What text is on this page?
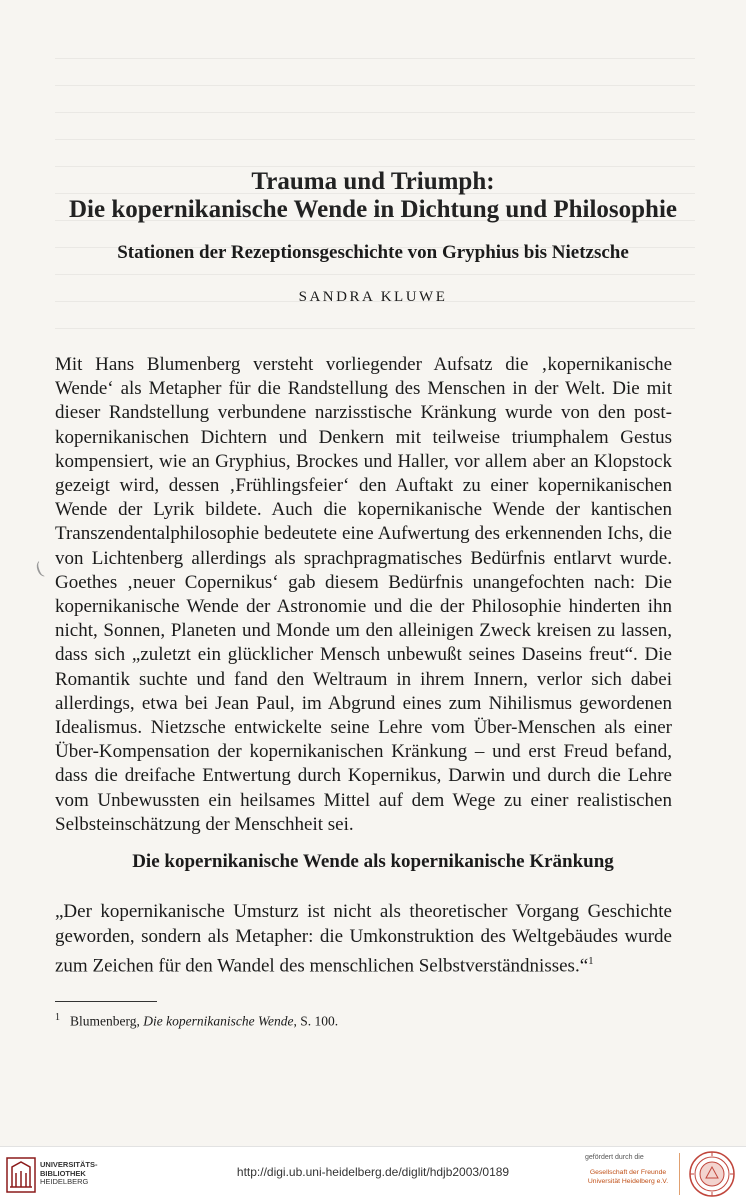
Trauma und Triumph:
Die kopernikanische Wende in Dichtung und Philosophie
Stationen der Rezeptionsgeschichte von Gryphius bis Nietzsche
SANDRA KLUWE
Mit Hans Blumenberg versteht vorliegender Aufsatz die ‚kopernikanische Wende‘ als Metapher für die Randstellung des Menschen in der Welt. Die mit dieser Randstellung verbundene narzisstische Kränkung wurde von den postkopernikanischen Dichtern und Denkern mit teilweise triumphalem Gestus kompensiert, wie an Gryphius, Brockes und Haller, vor allem aber an Klopstock gezeigt wird, dessen ‚Frühlingsfeier‘ den Auftakt zu einer kopernikanischen Wende der Lyrik bildete. Auch die kopernikanische Wende der kantischen Transzendentalphilosophie bedeutete eine Aufwertung des erkennenden Ichs, die von Lichtenberg allerdings als sprachpragmatisches Bedürfnis entlarvt wurde. Goethes ‚neuer Copernikus‘ gab diesem Bedürfnis unangefochten nach: Die kopernikanische Wende der Astronomie und die der Philosophie hinderten ihn nicht, Sonnen, Planeten und Monde um den alleinigen Zweck kreisen zu lassen, dass sich „zuletzt ein glücklicher Mensch unbewußt seines Daseins freut“. Die Romantik suchte und fand den Weltraum in ihrem Innern, verlor sich dabei allerdings, etwa bei Jean Paul, im Abgrund eines zum Nihilismus gewordenen Idealismus. Nietzsche entwickelte seine Lehre vom Über-Menschen als einer Über-Kompensation der kopernikanischen Kränkung – und erst Freud befand, dass die dreifache Entwertung durch Kopernikus, Darwin und durch die Lehre vom Unbewussten ein heilsames Mittel auf dem Wege zu einer realistischen Selbsteinschätzung der Menschheit sei.
(
Die kopernikanische Wende als kopernikanische Kränkung
„Der kopernikanische Umsturz ist nicht als theoretischer Vorgang Geschichte geworden, sondern als Metapher: die Umkonstruktion des Weltgebäudes wurde zum Zeichen für den Wandel des menschlichen Selbstverständnisses.“$^1$
$^1$ Blumenberg, Die kopernikanische Wende, S. 100.
UNIVERSITÄTS-
BIBLIOTHEK
HEIDELBERG
http://digi.ub.uni-heidelberg.de/diglit/hdjb2003/0189
gefördert durch die
Gesellschaft der Freunde
Universität Heidelberg e.V.
